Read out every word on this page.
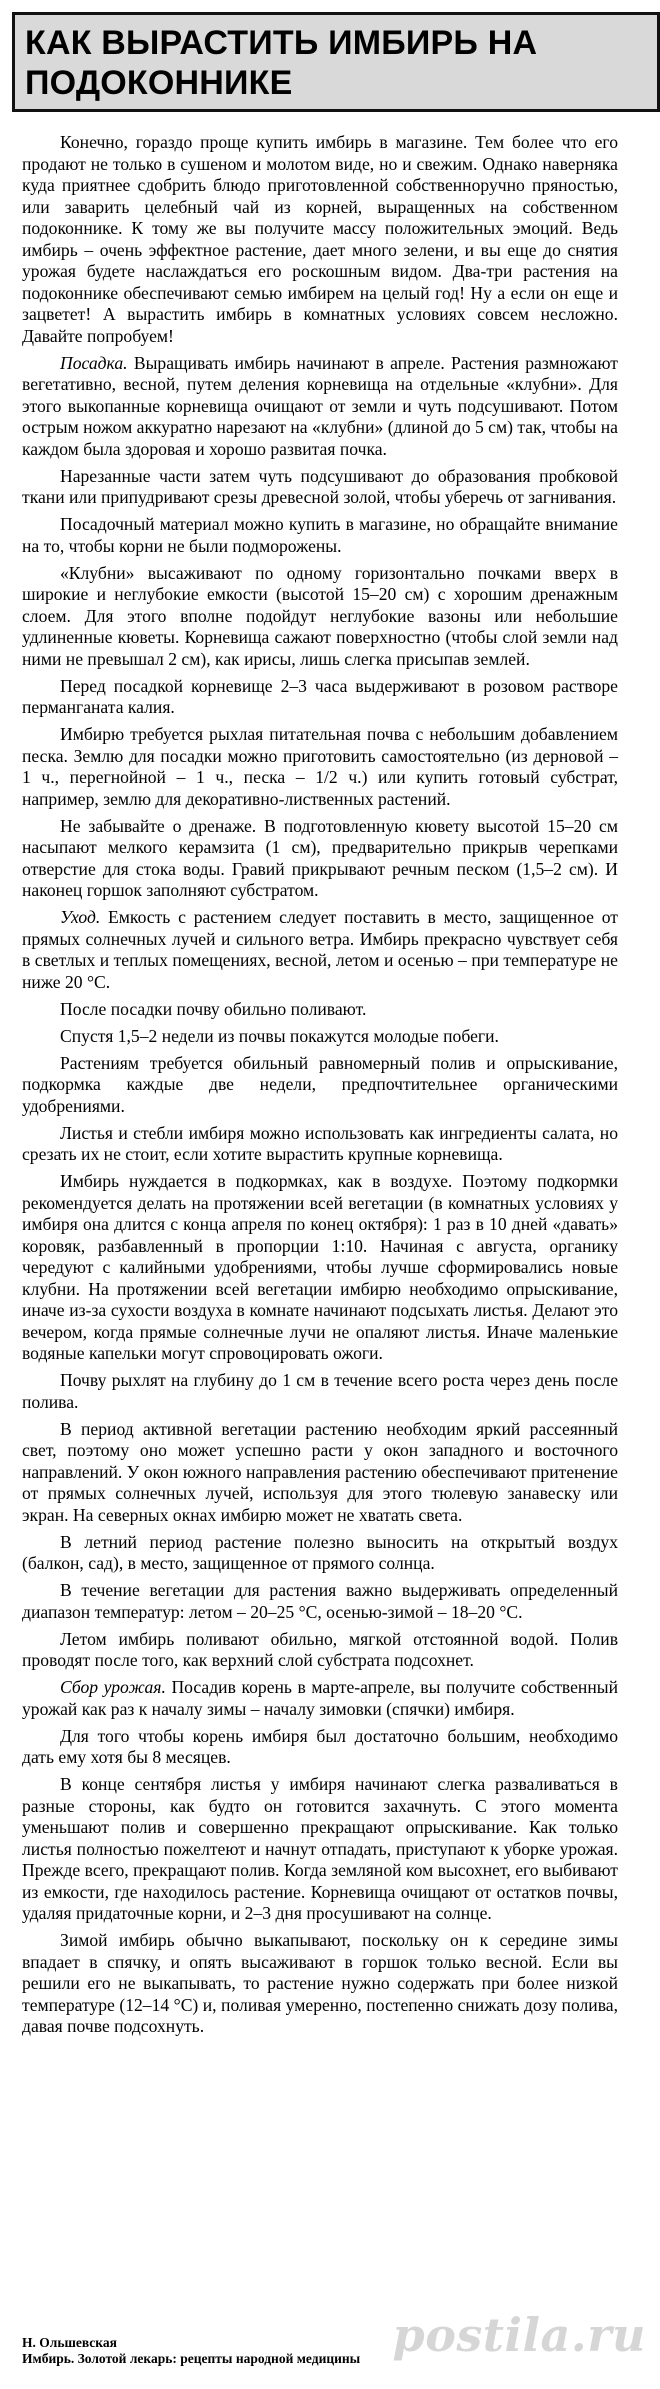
КАК ВЫРАСТИТЬ ИМБИРЬ НА ПОДОКОННИКЕ

Конечно, гораздо проще купить имбирь в магазине. Тем более что его продают не только в сушеном и молотом виде, но и свежим. Однако наверняка куда приятнее сдобрить блюдо приготовленной собственноручно пряностью, или заварить целебный чай из корней, выращенных на собственном подоконнике. К тому же вы получите массу положительных эмоций. Ведь имбирь – очень эффектное растение, дает много зелени, и вы еще до снятия урожая будете наслаждаться его роскошным видом. Два-три растения на подоконнике обеспечивают семью имбирем на целый год! Ну а если он еще и зацветет! А вырастить имбирь в комнатных условиях совсем несложно. Давайте попробуем!

Посадка. Выращивать имбирь начинают в апреле. Растения размножают вегетативно, весной, путем деления корневища на отдельные «клубни». Для этого выкопанные корневища очищают от земли и чуть подсушивают. Потом острым ножом аккуратно нарезают на «клубни» (длиной до 5 см) так, чтобы на каждом была здоровая и хорошо развитая почка.

Нарезанные части затем чуть подсушивают до образования пробковой ткани или припудривают срезы древесной золой, чтобы уберечь от загнивания.

Посадочный материал можно купить в магазине, но обращайте внимание на то, чтобы корни не были подморожены.

«Клубни» высаживают по одному горизонтально почками вверх в широкие и неглубокие емкости (высотой 15–20 см) с хорошим дренажным слоем. Для этого вполне подойдут неглубокие вазоны или небольшие удлиненные кюветы. Корневища сажают поверхностно (чтобы слой земли над ними не превышал 2 см), как ирисы, лишь слегка присыпав землей.

Перед посадкой корневище 2–3 часа выдерживают в розовом растворе перманганата калия.

Имбирю требуется рыхлая питательная почва с небольшим добавлением песка. Землю для посадки можно приготовить самостоятельно (из дерновой – 1 ч., перегнойной – 1 ч., песка – 1/2 ч.) или купить готовый субстрат, например, землю для декоративно-лиственных растений.

Не забывайте о дренаже. В подготовленную кювету высотой 15–20 см насыпают мелкого керамзита (1 см), предварительно прикрыв черепками отверстие для стока воды. Гравий прикрывают речным песком (1,5–2 см). И наконец горшок заполняют субстратом.

Уход. Емкость с растением следует поставить в место, защищенное от прямых солнечных лучей и сильного ветра. Имбирь прекрасно чувствует себя в светлых и теплых помещениях, весной, летом и осенью – при температуре не ниже 20 °С.

После посадки почву обильно поливают.

Спустя 1,5–2 недели из почвы покажутся молодые побеги.

Растениям требуется обильный равномерный полив и опрыскивание, подкормка каждые две недели, предпочтительнее органическими удобрениями.

Листья и стебли имбиря можно использовать как ингредиенты салата, но срезать их не стоит, если хотите вырастить крупные корневища.

Имбирь нуждается в подкормках, как в воздухе. Поэтому подкормки рекомендуется делать на протяжении всей вегетации (в комнатных условиях у имбиря она длится с конца апреля по конец октября): 1 раз в 10 дней «давать» коровяк, разбавленный в пропорции 1:10. Начиная с августа, органику чередуют с калийными удобрениями, чтобы лучше сформировались новые клубни. На протяжении всей вегетации имбирю необходимо опрыскивание, иначе из-за сухости воздуха в комнате начинают подсыхать листья. Делают это вечером, когда прямые солнечные лучи не опаляют листья. Иначе маленькие водяные капельки могут спровоцировать ожоги.

Почву рыхлят на глубину до 1 см в течение всего роста через день после полива.

В период активной вегетации растению необходим яркий рассеянный свет, поэтому оно может успешно расти у окон западного и восточного направлений. У окон южного направления растению обеспечивают притенение от прямых солнечных лучей, используя для этого тюлевую занавеску или экран. На северных окнах имбирю может не хватать света.

В летний период растение полезно выносить на открытый воздух (балкон, сад), в место, защищенное от прямого солнца.

В течение вегетации для растения важно выдерживать определенный диапазон температур: летом – 20–25 °С, осенью-зимой – 18–20 °С.

Летом имбирь поливают обильно, мягкой отстоянной водой. Полив проводят после того, как верхний слой субстрата подсохнет.

Сбор урожая. Посадив корень в марте-апреле, вы получите собственный урожай как раз к началу зимы – началу зимовки (спячки) имбиря.

Для того чтобы корень имбиря был достаточно большим, необходимо дать ему хотя бы 8 месяцев.

В конце сентября листья у имбиря начинают слегка разваливаться в разные стороны, как будто он готовится захачнуть. С этого момента уменьшают полив и совершенно прекращают опрыскивание. Как только листья полностью пожелтеют и начнут отпадать, приступают к уборке урожая. Прежде всего, прекращают полив. Когда земляной ком высохнет, его выбивают из емкости, где находилось растение. Корневища очищают от остатков почвы, удаляя придаточные корни, и 2–3 дня просушивают на солнце.

Зимой имбирь обычно выкапывают, поскольку он к середине зимы впадает в спячку, и опять высаживают в горшок только весной. Если вы решили его не выкапывать, то растение нужно содержать при более низкой температуре (12–14 °С) и, поливая умеренно, постепенно снижать дозу полива, давая почве подсохнуть.

postila.ru
Н. Ольшевская
Имбирь. Золотой лекарь: рецепты народной медицины
